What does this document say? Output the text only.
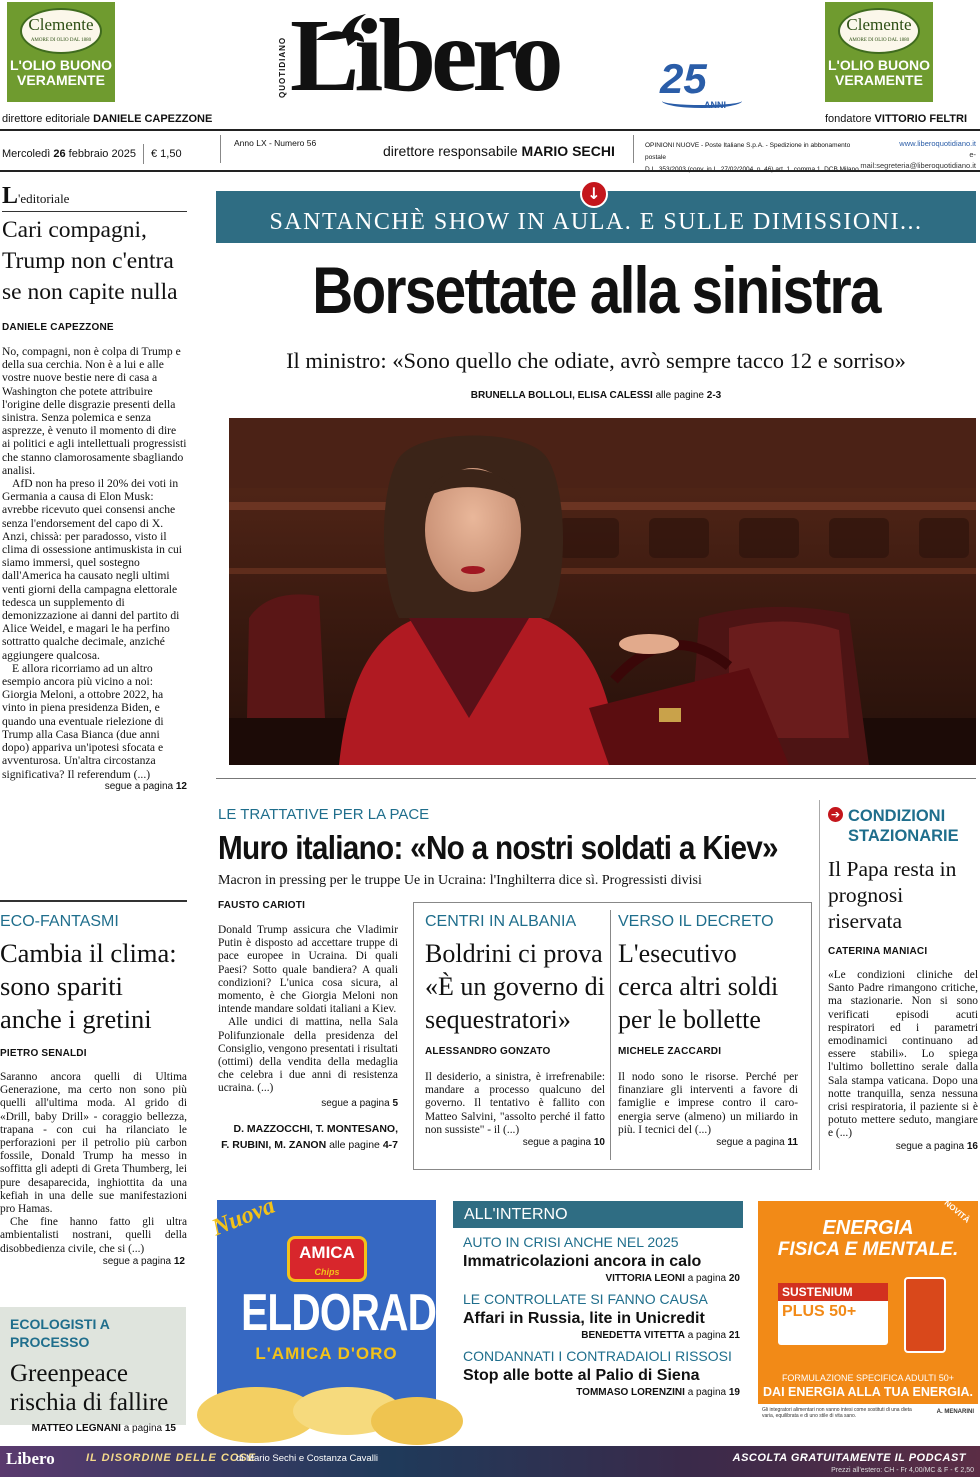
Clemente
AMORE DI OLIO DAL 1880
L'OLIO BUONO
VERAMENTE	QUOTIDIANO Libero	25
ANNI
Clemente
AMORE DI OLIO DAL 1880
L'OLIO BUONO
VERAMENTE
direttore editoriale DANIELE CAPEZZONE	fondatore VITTORIO FELTRI
Mercoledì 26 febbraio 2025 € 1,50
Anno LX - Numero 56	direttore responsabile MARIO SECHI	OPINIONI NUOVE - Poste Italiane S.p.A. - Spedizione in abbonamento postale
www.liberoquotidiano.it
e-mail:segreteria@liberoquotidiano.it
L'editoriale
Cari compagni, Trump non c'entra se non capite nulla
DANIELE CAPEZZONE

No, compagni, non è colpa di Trump e della sua cerchia. Non è a lui e alle vostre nuove bestie nere di casa a Washington che potete attribuire l'origine delle disgrazie presenti della sinistra. Senza polemica e senza asprezze, è venuto il momento di dire ai politici e agli intellettuali progressisti che stanno clamorosamente sbagliando analisi.

AfD non ha preso il 20% dei voti in Germania a causa di Elon Musk: avrebbe ricevuto quei consensi anche senza l'endorsement del capo di X. Anzi, chissà: per paradosso, visto il clima di ossessione antimuskista in cui siamo immersi, quel sostegno dall'America ha causato negli ultimi venti giorni della campagna elettorale tedesca un supplemento di demonizzazione ai danni del partito di Alice Weidel, e magari le ha perfino sottratto qualche decimale, anziché aggiungere qualcosa.

E allora ricorriamo ad un altro esempio ancora più vicino a noi: Giorgia Meloni, a ottobre 2022, ha vinto in piena presidenza Biden, e quando una eventuale rielezione di Trump alla Casa Bianca (due anni dopo) appariva un'ipotesi sfocata e avventurosa. Un'altra circostanza significativa? Il referendum (...)

segue a pagina 12
ECO-FANTASMI
Cambia il clima: sono spariti anche i gretini
PIETRO SENALDI

Saranno ancora quelli di Ultima Generazione, ma certo non sono più quelli all'ultima moda. Al grido di «Drill, baby Drill» - coraggio bellezza, trapana - con cui ha rilanciato le perforazioni per il petrolio più carbon fossile, Donald Trump ha messo in soffitta gli adepti di Greta Thumberg, lei pure desaparecida, inghiottita da una kefiah in una delle sue manifestazioni pro Hamas.

Che fine hanno fatto gli ultra ambientalisti nostrani, quelli della disobbedienza civile, che si (...)

segue a pagina 12
ECOLOGISTI A PROCESSO
Greenpeace rischia di fallire
MATTEO LEGNANI a pagina 15
SANTANCHÈ SHOW IN AULA. E SULLE DIMISSIONI...
↓
Borsettate alla sinistra
Il ministro: «Sono quello che odiate, avrò sempre tacco 12 e sorriso»
BRUNELLA BOLLOLI, ELISA CALESSI alle pagine 2-3
LE TRATTATIVE PER LA PACE
Muro italiano: «No a nostri soldati a Kiev»
Macron in pressing per le truppe Ue in Ucraina: l'Inghilterra dice sì. Progressisti divisi
FAUSTO CARIOTI

Donald Trump assicura che Vladimir Putin è disposto ad accettare truppe di pace europee in Ucraina. Di quali Paesi? Sotto quale bandiera? A quali condizioni? L'unica cosa sicura, al momento, è che Giorgia Meloni non intende mandare soldati italiani a Kiev.

Alle undici di mattina, nella Sala Polifunzionale della presidenza del Consiglio, vengono presentati i risultati (ottimi) della vendita della medaglia che celebra i due anni di resistenza ucraina. (...)

segue a pagina 5
D. MAZZOCCHI, T. MONTESANO,
F. RUBINI, M. ZANON alle pagine 4-7
CENTRI IN ALBANIA
Boldrini ci prova «È un governo di sequestratori»
ALESSANDRO GONZATO
Il desiderio, a sinistra, è irrefrenabile: mandare a processo qualcuno del governo. Il tentativo è fallito con Matteo Salvini, "assolto perché il fatto non sussiste" - il (...)
segue a pagina 10
VERSO IL DECRETO
L'esecutivo cerca altri soldi per le bollette
MICHELE ZACCARDI
Il nodo sono le risorse. Perché per finanziare gli interventi a favore di famiglie e imprese contro il caro-energia serve (almeno) un miliardo in più. I tecnici del (...)
segue a pagina 11
➔ CONDIZIONI
STAZIONARIE
Il Papa resta in prognosi riservata
CATERINA MANIACI
«Le condizioni cliniche del Santo Padre rimangono critiche, ma stazionarie. Non si sono verificati episodi acuti respiratori ed i parametri emodinamici continuano ad essere stabili». Lo spiega l'ultimo bollettino serale dalla Sala stampa vaticana. Dopo una notte tranquilla, senza nessuna crisi respiratoria, il paziente si è potuto mettere seduto, mangiare e (...)
segue a pagina 16
Nuova
AMICA
Chips
ELDORADA
L'AMICA D'ORO
ALL'INTERNO
AUTO IN CRISI ANCHE NEL 2025
Immatricolazioni ancora in calo
VITTORIA LEONI a pagina 20
LE CONTROLLATE SI FANNO CAUSA
Affari in Russia, lite in Unicredit
BENEDETTA VITETTA a pagina 21
CONDANNATI I CONTRADAIOLI RISSOSI
Stop alle botte al Palio di Siena
TOMMASO LORENZINI a pagina 19
ENERGIA
FISICA E MENTALE.
NOVITÀ
SUSTENIUM
PLUS 50+
FORMULAZIONE SPECIFICA ADULTI 50+
DAI ENERGIA ALLA TUA ENERGIA.
Gli integratori alimentari non vanno intesi come sostituti di una dieta varia, equilibrata e di uno stile di vita sano.
A. MENARINI
Libero	IL DISORDINE DELLE COSE
di Mario Sechi e Costanza Cavalli	ASCOLTA GRATUITAMENTE IL PODCAST
Prezzi all'estero: CH - Fr 4,00/MC & F - € 2,50
